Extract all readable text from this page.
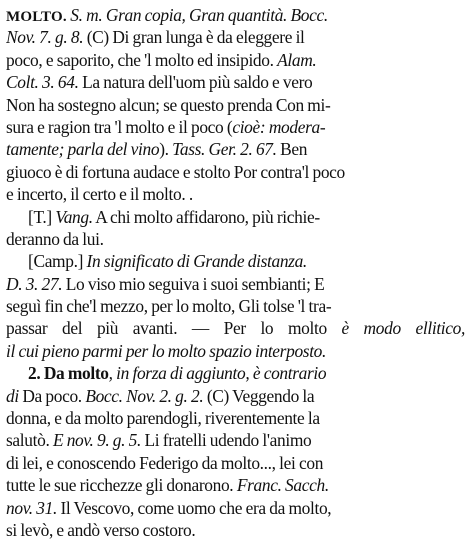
MOLTO. S. m. Gran copia, Gran quantità. Bocc.
Nov. 7. g. 8. (C) Di gran lunga è da eleggere il
poco, e saporito, che 'l molto ed insipido. Alam.
Colt. 3. 64. La natura dell'uom più saldo e vero
Non ha sostegno alcun; se questo prenda Con mi-
sura e ragion tra 'l molto e il poco (cioè: modera-
tamente; parla del vino). Tass. Ger. 2. 67. Ben
giuoco è di fortuna audace e stolto Por contra'l poco
e incerto, il certo e il molto. .
[T.] Vang. A chi molto affidarono, più richie-
deranno da lui.
[Camp.] In significato di Grande distanza.
D. 3. 27. Lo viso mio seguiva i suoi sembianti; E
seguì fin che'l mezzo, per lo molto, Gli tolse 'l tra-
passar del più avanti. — Per lo molto è modo ellitico,
il cui pieno parmi per lo molto spazio interposto.
2. Da molto, in forza di aggiunto, è contrario
di Da poco. Bocc. Nov. 2. g. 2. (C) Veggendo la
donna, e da molto parendogli, riverentemente la
salutò. E nov. 9. g. 5. Li fratelli udendo l'animo
di lei, e conoscendo Federigo da molto..., lei con
tutte le sue ricchezze gli donarono. Franc. Sacch.
nov. 31. Il Vescovo, come uomo che era da molto,
si levò, e andò verso costoro.
